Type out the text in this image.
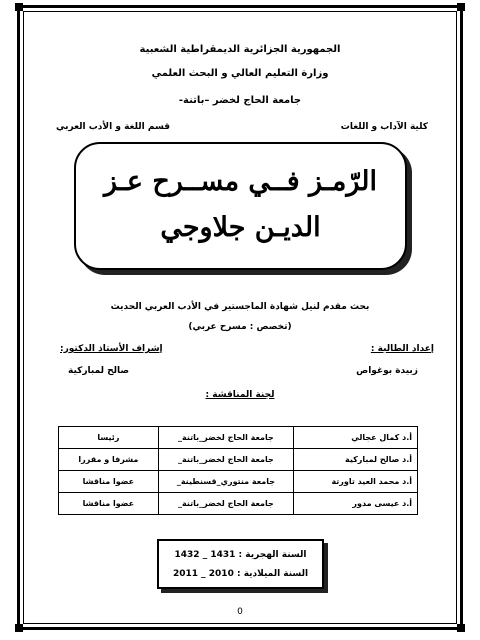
الجمهورية الجزائرية الديمقراطية الشعبية
وزارة التعليم العالي و البحث العلمي
جامعة الحاج لخضر –باتنة-
كلية الآداب و اللغات
قسم اللغة و الأدب العربي
الرّمـز فــي مســرح عـز
الديـن جلاوجي
بحث مقدم لنيل شهادة الماجستير في الأدب العربي الحديث
(تخصص : مسرح عربي)
إعداد الطالبة :
زبيدة بوغواص
إشراف الأستاذ الدكتور:
صالح لمباركية
لجنة المناقشة :
أ.د كمال عجالي	جامعة الحاج لخضر_باتنة_	رئيسا
أ.د صالح لمباركية	جامعة الحاج لخضر_باتنة_	مشرفا و مقررا
أ.د محمد العيد تاورتة	جامعة منتوري_قسنطينة_	عضوا مناقشا
أ.د عيسى مدور	جامعة الحاج لخضر_باتنة_	عضوا مناقشا
السنة الهجرية : 1431 _ 1432
السنة الميلادية : 2010 _ 2011
0
